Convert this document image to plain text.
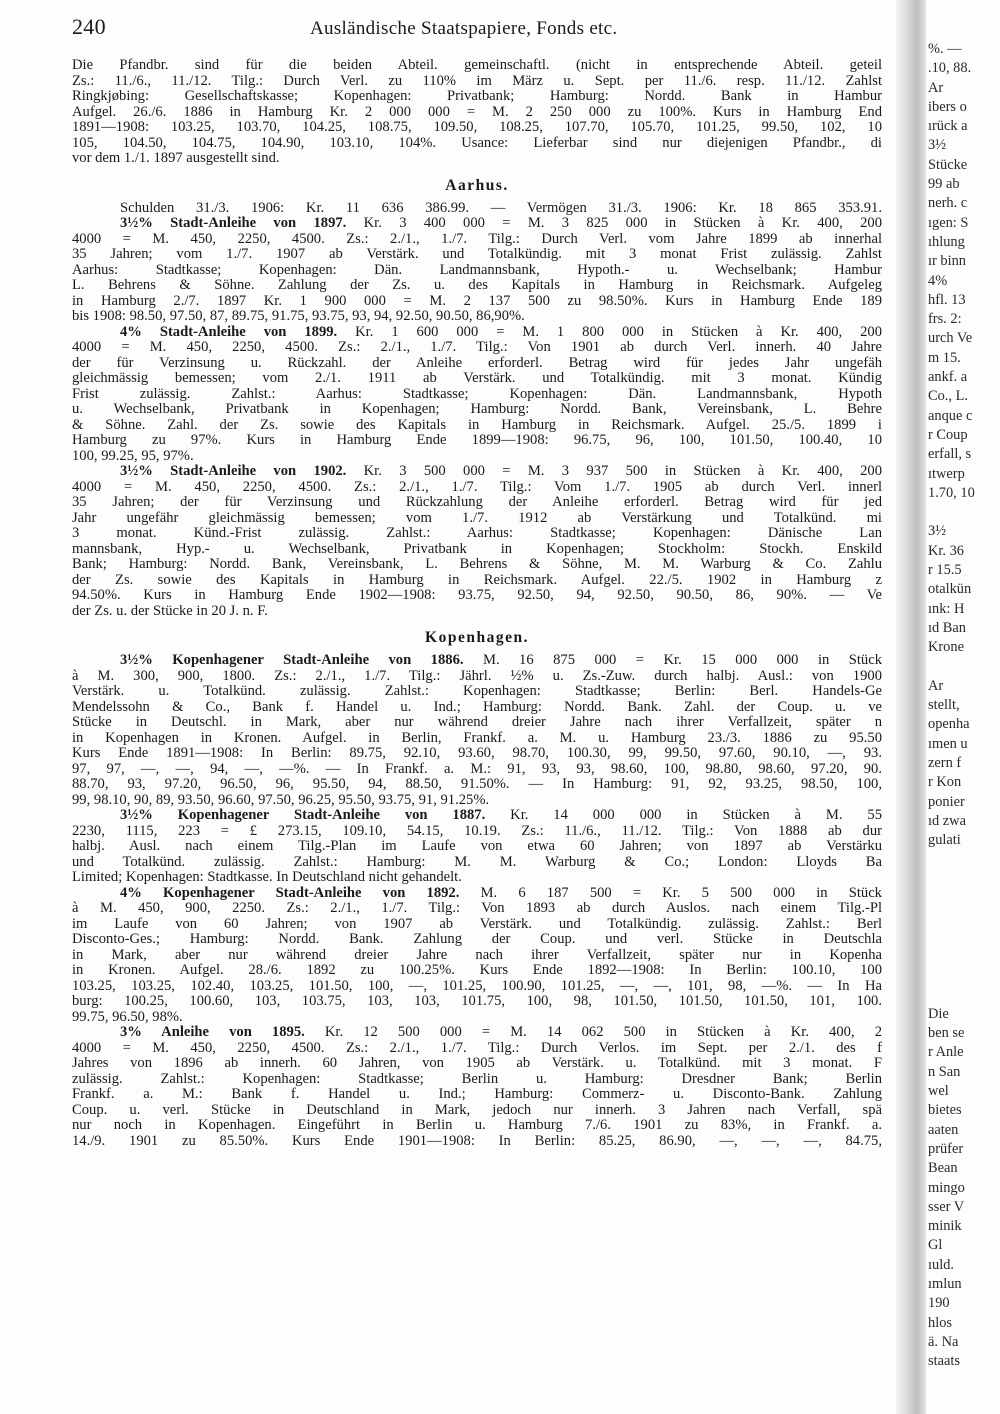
240	Ausländische Staatspapiere, Fonds etc.

Die Pfandbr. sind für die beiden Abteil. gemeinschaftl. (nicht in entsprechende Abteil. geteil

Zs.: 11./6., 11./12. Tilg.: Durch Verl. zu 110% im März u. Sept. per 11./6. resp. 11./12. Zahlst

Ringkjøbing: Gesellschaftskasse; Kopenhagen: Privatbank; Hamburg: Nordd. Bank in Hambur

Aufgel. 26./6. 1886 in Hamburg Kr. 2 000 000 = M. 2 250 000 zu 100%. Kurs in Hamburg End

1891—1908: 103.25, 103.70, 104.25, 108.75, 109.50, 108.25, 107.70, 105.70, 101.25, 99.50, 102, 10

105, 104.50, 104.75, 104.90, 103.10, 104%. Usance: Lieferbar sind nur diejenigen Pfandbr., di

vor dem 1./1. 1897 ausgestellt sind.

Aarhus.

Schulden 31./3. 1906: Kr. 11 636 386.99. — Vermögen 31./3. 1906: Kr. 18 865 353.91.

3½% Stadt-Anleihe von 1897. Kr. 3 400 000 = M. 3 825 000 in Stücken à Kr. 400, 200

4000 = M. 450, 2250, 4500. Zs.: 2./1., 1./7. Tilg.: Durch Verl. vom Jahre 1899 ab innerhal

35 Jahren; vom 1./7. 1907 ab Verstärk. und Totalkündig. mit 3 monat Frist zulässig. Zahlst

Aarhus: Stadtkasse; Kopenhagen: Dän. Landmannsbank, Hypoth.- u. Wechselbank; Hambur

L. Behrens & Söhne. Zahlung der Zs. u. des Kapitals in Hamburg in Reichsmark. Aufgeleg

in Hamburg 2./7. 1897 Kr. 1 900 000 = M. 2 137 500 zu 98.50%. Kurs in Hamburg Ende 189

bis 1908: 98.50, 97.50, 87, 89.75, 91.75, 93.75, 93, 94, 92.50, 90.50, 86,90%.

4% Stadt-Anleihe von 1899. Kr. 1 600 000 = M. 1 800 000 in Stücken à Kr. 400, 200

4000 = M. 450, 2250, 4500. Zs.: 2./1., 1./7. Tilg.: Von 1901 ab durch Verl. innerh. 40 Jahre

der für Verzinsung u. Rückzahl. der Anleihe erforderl. Betrag wird für jedes Jahr ungefäh

gleichmässig bemessen; vom 2./1. 1911 ab Verstärk. und Totalkündig. mit 3 monat. Kündig

Frist zulässig. Zahlst.: Aarhus: Stadtkasse; Kopenhagen: Dän. Landmannsbank, Hypoth

u. Wechselbank, Privatbank in Kopenhagen; Hamburg: Nordd. Bank, Vereinsbank, L. Behre

& Söhne. Zahl. der Zs. sowie des Kapitals in Hamburg in Reichsmark. Aufgel. 25./5. 1899 i

Hamburg zu 97%. Kurs in Hamburg Ende 1899—1908: 96.75, 96, 100, 101.50, 100.40, 10

100, 99.25, 95, 97%.

3½% Stadt-Anleihe von 1902. Kr. 3 500 000 = M. 3 937 500 in Stücken à Kr. 400, 200

4000 = M. 450, 2250, 4500. Zs.: 2./1., 1./7. Tilg.: Vom 1./7. 1905 ab durch Verl. innerl

35 Jahren; der für Verzinsung und Rückzahlung der Anleihe erforderl. Betrag wird für jed

Jahr ungefähr gleichmässig bemessen; vom 1./7. 1912 ab Verstärkung und Totalkünd. mi

3 monat. Künd.-Frist zulässig. Zahlst.: Aarhus: Stadtkasse; Kopenhagen: Dänische Lan

mannsbank, Hyp.- u. Wechselbank, Privatbank in Kopenhagen; Stockholm: Stockh. Enskild

Bank; Hamburg: Nordd. Bank, Vereinsbank, L. Behrens & Söhne, M. M. Warburg & Co. Zahlu

der Zs. sowie des Kapitals in Hamburg in Reichsmark. Aufgel. 22./5. 1902 in Hamburg z

94.50%. Kurs in Hamburg Ende 1902—1908: 93.75, 92.50, 94, 92.50, 90.50, 86, 90%. — Ve

der Zs. u. der Stücke in 20 J. n. F.

Kopenhagen.

3½% Kopenhagener Stadt-Anleihe von 1886. M. 16 875 000 = Kr. 15 000 000 in Stück

à M. 300, 900, 1800. Zs.: 2./1., 1./7. Tilg.: Jährl. ½% u. Zs.-Zuw. durch halbj. Ausl.: von 1900

Verstärk. u. Totalkünd. zulässig. Zahlst.: Kopenhagen: Stadtkasse; Berlin: Berl. Handels-Ge

Mendelssohn & Co., Bank f. Handel u. Ind.; Hamburg: Nordd. Bank. Zahl. der Coup. u. ve

Stücke in Deutschl. in Mark, aber nur während dreier Jahre nach ihrer Verfallzeit, später n

in Kopenhagen in Kronen. Aufgel. in Berlin, Frankf. a. M. u. Hamburg 23./3. 1886 zu 95.50

Kurs Ende 1891—1908: In Berlin: 89.75, 92.10, 93.60, 98.70, 100.30, 99, 99.50, 97.60, 90.10, —, 93.

97, 97, —, —, 94, —, —%. — In Frankf. a. M.: 91, 93, 93, 98.60, 100, 98.80, 98.60, 97.20, 90.

88.70, 93, 97.20, 96.50, 96, 95.50, 94, 88.50, 91.50%. — In Hamburg: 91, 92, 93.25, 98.50, 100,

99, 98.10, 90, 89, 93.50, 96.60, 97.50, 96.25, 95.50, 93.75, 91, 91.25%.

3½% Kopenhagener Stadt-Anleihe von 1887. Kr. 14 000 000 in Stücken à M. 55

2230, 1115, 223 = £ 273.15, 109.10, 54.15, 10.19. Zs.: 11./6., 11./12. Tilg.: Von 1888 ab dur

halbj. Ausl. nach einem Tilg.-Plan im Laufe von etwa 60 Jahren; von 1897 ab Verstärku

und Totalkünd. zulässig. Zahlst.: Hamburg: M. M. Warburg & Co.; London: Lloyds Ba

Limited; Kopenhagen: Stadtkasse. In Deutschland nicht gehandelt.

4% Kopenhagener Stadt-Anleihe von 1892. M. 6 187 500 = Kr. 5 500 000 in Stück

à M. 450, 900, 2250. Zs.: 2./1., 1./7. Tilg.: Von 1893 ab durch Auslos. nach einem Tilg.-Pl

im Laufe von 60 Jahren; von 1907 ab Verstärk. und Totalkündig. zulässig. Zahlst.: Berl

Disconto-Ges.; Hamburg: Nordd. Bank. Zahlung der Coup. und verl. Stücke in Deutschla

in Mark, aber nur während dreier Jahre nach ihrer Verfallzeit, später nur in Kopenha

in Kronen. Aufgel. 28./6. 1892 zu 100.25%. Kurs Ende 1892—1908: In Berlin: 100.10, 100

103.25, 103.25, 102.40, 103.25, 101.50, 100, —, 101.25, 100.90, 101.25, —, —, 101, 98, —%. — In Ha

burg: 100.25, 100.60, 103, 103.75, 103, 103, 101.75, 100, 98, 101.50, 101.50, 101.50, 101, 100.

99.75, 96.50, 98%.

3% Anleihe von 1895. Kr. 12 500 000 = M. 14 062 500 in Stücken à Kr. 400, 2

4000 = M. 450, 2250, 4500. Zs.: 2./1., 1./7. Tilg.: Durch Verlos. im Sept. per 2./1. des f

Jahres von 1896 ab innerh. 60 Jahren, von 1905 ab Verstärk. u. Totalkünd. mit 3 monat. F

zulässig. Zahlst.: Kopenhagen: Stadtkasse; Berlin u. Hamburg: Dresdner Bank; Berlin

Frankf. a. M.: Bank f. Handel u. Ind.; Hamburg: Commerz- u. Disconto-Bank. Zahlung

Coup. u. verl. Stücke in Deutschland in Mark, jedoch nur innerh. 3 Jahren nach Verfall, spä

nur noch in Kopenhagen. Eingeführt in Berlin u. Hamburg 7./6. 1901 zu 83%, in Frankf. a.

14./9. 1901 zu 85.50%. Kurs Ende 1901—1908: In Berlin: 85.25, 86.90, —, —, —, 84.75,

%. —
.10, 88.
Ar
ibers o
ırück a
3½
Stücke
99 ab
nerh. c
ıgen: S
ıhlung
ır binn
4%
hfl. 13
frs. 2:
urch Ve
m 15.
ankf. a
Co., L.
anque c
r Coup
erfall, s
ıtwerp
1.70, 10
3½
Kr. 36
r 15.5
otalkün
ınk: H
ıd Ban
Krone
Ar
stellt,
openha
ımen u
zern f
r Kon
ponier
ıd zwa
gulati
Die
ben se
r Anle
n San
wel
bietes
aaten
prüfer
Bean
mingo
sser V
minik
Gl
ıuld.
ımlun
190
hlos
ä. Na
staats
